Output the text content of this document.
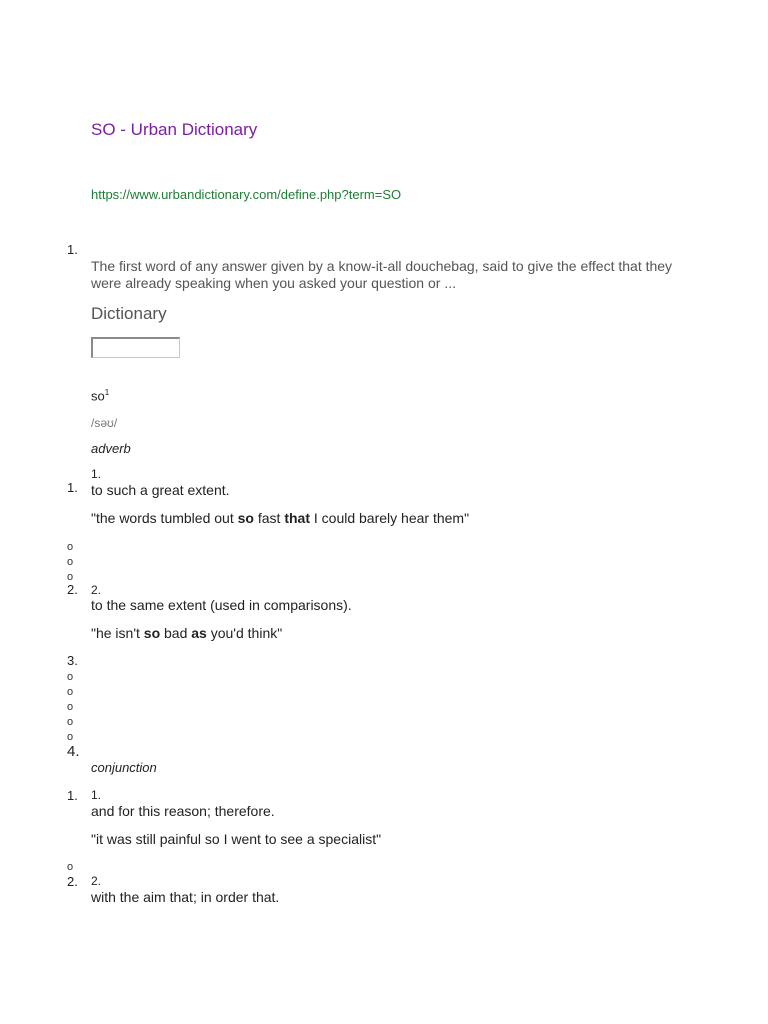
SO - Urban Dictionary
https://www.urbandictionary.com/define.php?term=SO
1.
The first word of any answer given by a know-it-all douchebag, said to give the effect that they were already speaking when you asked your question or ...
Dictionary
$so^1$
/səʊ/
adverb
1.
1.
to such a great extent.
"the words tumbled out so fast that I could barely hear them"
o
o
o
2. 2.
to the same extent (used in comparisons).
"he isn't so bad as you'd think"
3.
o
o
o
o
o
4.
conjunction
1. 1.
and for this reason; therefore.
"it was still painful so I went to see a specialist"
o
2. 2.
with the aim that; in order that.
